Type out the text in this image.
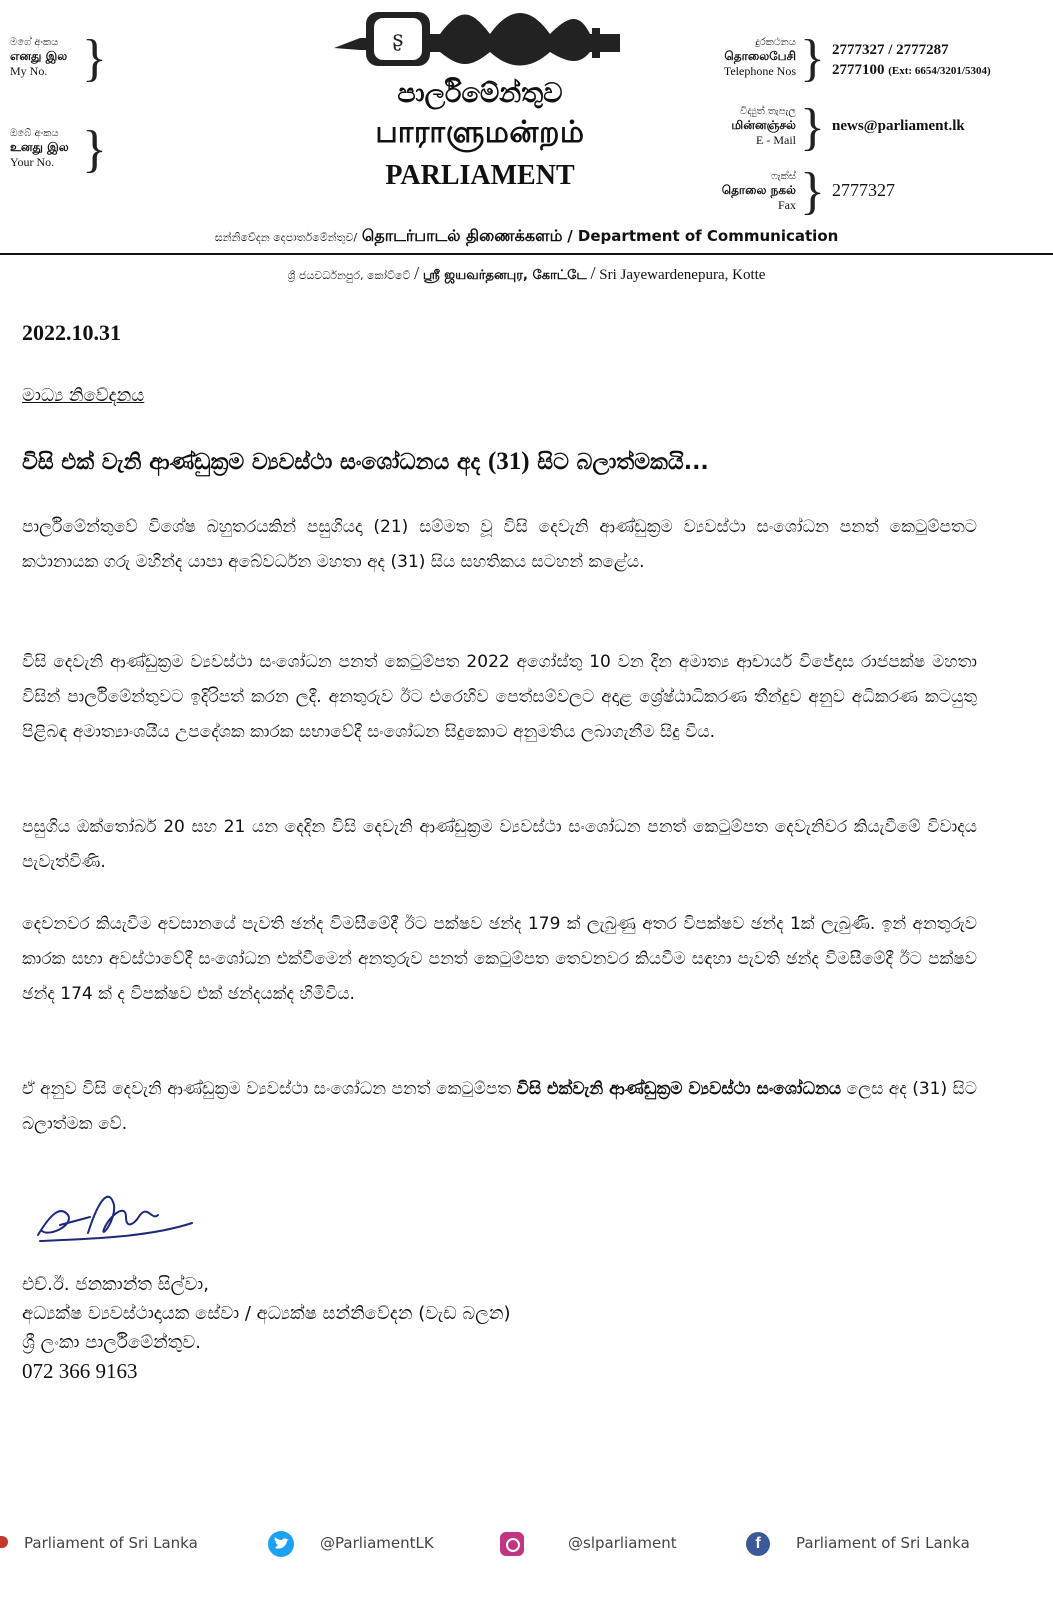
මගේ අංකය
எனது இல
My No. }
ඔබේ අංකය
உனது இல
Your No. }
ʂ
පාර්ලිමේන්තුව
பாராளுமன்றம்
PARLIAMENT
දුරකථනය
தொலைபேசி
Telephone Nos } 2777327 / 2777287
2777100 (Ext: 6654/3201/5304)
විද්‍යුත් තැපැල
மின்னஞ்சல்
E - Mail } news@parliament.lk
ෆැක්ස්
தொலை நகல்
Fax } 2777327
සන්නිවේදන දෙපාර්තමේන්තුව/ தொடர்பாடல் திணைக்களம் / Department of Communication
ශ්‍රී ජයවර්ධනපුර, කෝට්ටේ / ஸ்ரீ ஜயவர்தனபுர, கோட்டே / Sri Jayewardenepura, Kotte
2022.10.31
මාධ්‍ය නිවේදනය
විසි එක් වැනි ආණ්ඩුක්‍රම ව්‍යවස්ථා සංශෝධනය අද (31) සිට බලාත්මකයි...
පාර්ලිමේන්තුවේ විශේෂ බහුතරයකින් පසුගියදා (21) සම්මත වූ විසි දෙවැනි ආණ්ඩුක්‍රම ව්‍යවස්ථා සංශෝධන පනත් කෙටුම්පතට කථානායක ගරු මහින්ද යාපා අබේවර්ධන මහතා අද (31) සිය සහතිකය සටහන් කළේය.
විසි දෙවැනි ආණ්ඩුක්‍රම ව්‍යවස්ථා සංශෝධන පනත් කෙටුම්පත 2022 අගෝස්තු 10 වන දින අමාත්‍ය ආචාර්ය විජේදාස රාජපක්ෂ මහතා විසින් පාර්ලිමේන්තුවට ඉදිරිපත් කරන ලදී. අනතුරුව ඊට එරෙහිව පෙත්සම්වලට අදාළ ශ්‍රේෂ්ඨාධිකරණ තීන්දුව අනුව අධිකරණ කටයුතු පිළිබඳ අමාත්‍යාංශයීය උපදේශක කාරක සභාවේදී සංශෝධන සිදුකොට අනුමතිය ලබාගැනීම සිදු විය.
පසුගිය ඔක්තෝබර් 20 සහ 21 යන දෙදින විසි දෙවැනි ආණ්ඩුක්‍රම ව්‍යවස්ථා සංශෝධන පනත් කෙටුම්පත දෙවැනිවර කියැවීමේ විවාදය පැවැත්විණි.
දෙවනවර කියැවීම අවසානයේ පැවති ඡන්ද විමසීමේදී ඊට පක්ෂව ඡන්ද 179 ක් ලැබුණු අතර විපක්ෂව ඡන්ද 1ක් ලැබුණි. ඉන් අනතුරුව කාරක සභා අවස්ථාවේදී සංශෝධන එක්වීමෙන් අනතුරුව පනත් කෙටුම්පත තෙවනවර කියවීම සඳහා පැවති ඡන්ද විමසීමේදී ඊට පක්ෂව ඡන්ද 174 ක් ද විපක්ෂව එක් ඡන්දයක්ද හිමිවිය.
ඒ අනුව විසි දෙවැනි ආණ්ඩුක්‍රම ව්‍යවස්ථා සංශෝධන පනත් කෙටුම්පත විසි එක්වැනි ආණ්ඩුක්‍රම ව්‍යවස්ථා සංශෝධනය ලෙස අද (31) සිට බලාත්මක වේ.
එච්.ඊ. ජනකාන්ත සිල්වා,
අධ්‍යක්ෂ ව්‍යවස්ථාදායක සේවා / අධ්‍යක්ෂ සන්නිවේදන (වැඩ බලන)
ශ්‍රී ලංකා පාර්ලිමේන්තුව.
072 366 9163
Parliament of Sri Lanka	@ParliamentLK	@slparliament	f	Parliament of Sri Lanka
